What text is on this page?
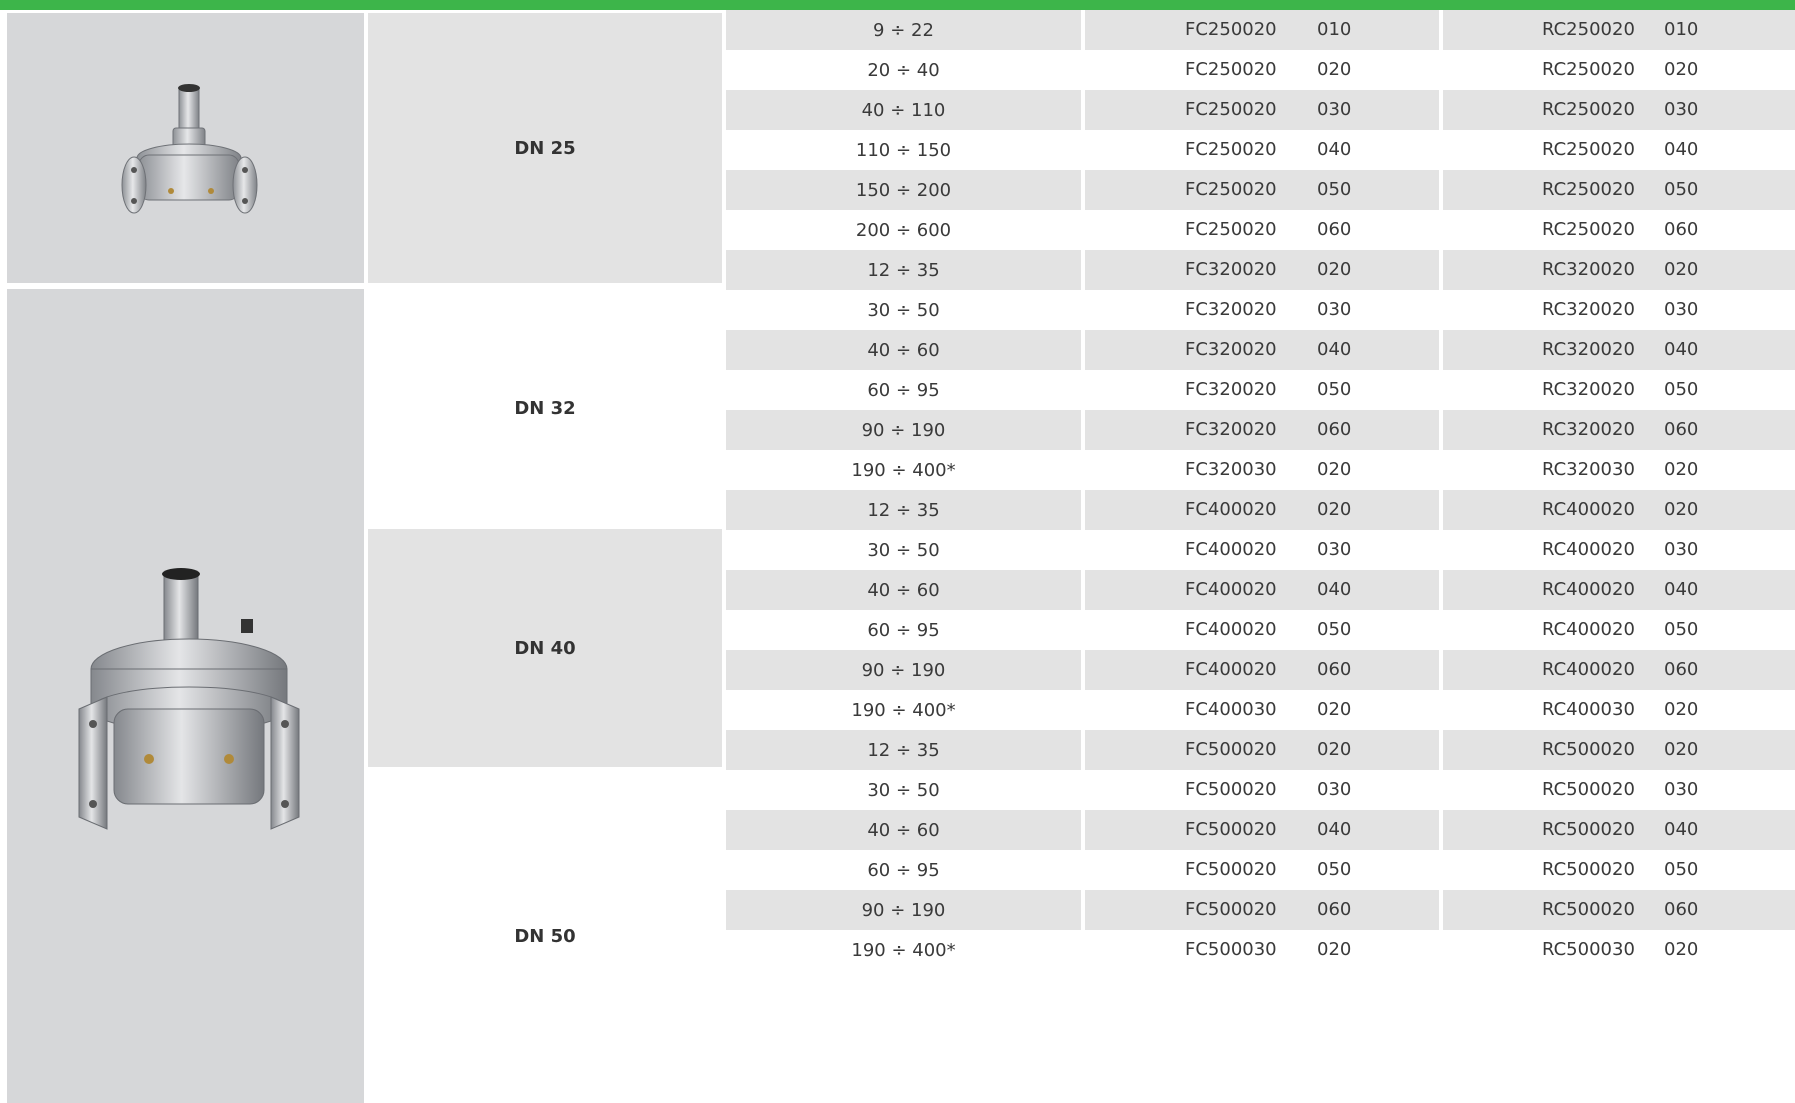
DN 25
9 ÷ 22	FC250020 010	RC250020 010
20 ÷ 40	FC250020 020	RC250020 020
40 ÷ 110	FC250020 030	RC250020 030
110 ÷ 150	FC250020 040	RC250020 040
150 ÷ 200	FC250020 050	RC250020 050
200 ÷ 600	FC250020 060	RC250020 060
DN 32
12 ÷ 35	FC320020 020	RC320020 020
30 ÷ 50	FC320020 030	RC320020 030
40 ÷ 60	FC320020 040	RC320020 040
60 ÷ 95	FC320020 050	RC320020 050
90 ÷ 190	FC320020 060	RC320020 060
190 ÷ 400*	FC320030 020	RC320030 020
DN 40
12 ÷ 35	FC400020 020	RC400020 020
30 ÷ 50	FC400020 030	RC400020 030
40 ÷ 60	FC400020 040	RC400020 040
60 ÷ 95	FC400020 050	RC400020 050
90 ÷ 190	FC400020 060	RC400020 060
190 ÷ 400*	FC400030 020	RC400030 020
DN 50
12 ÷ 35	FC500020 020	RC500020 020
30 ÷ 50	FC500020 030	RC500020 030
40 ÷ 60	FC500020 040	RC500020 040
60 ÷ 95	FC500020 050	RC500020 050
90 ÷ 190	FC500020 060	RC500020 060
190 ÷ 400*	FC500030 020	RC500030 020
